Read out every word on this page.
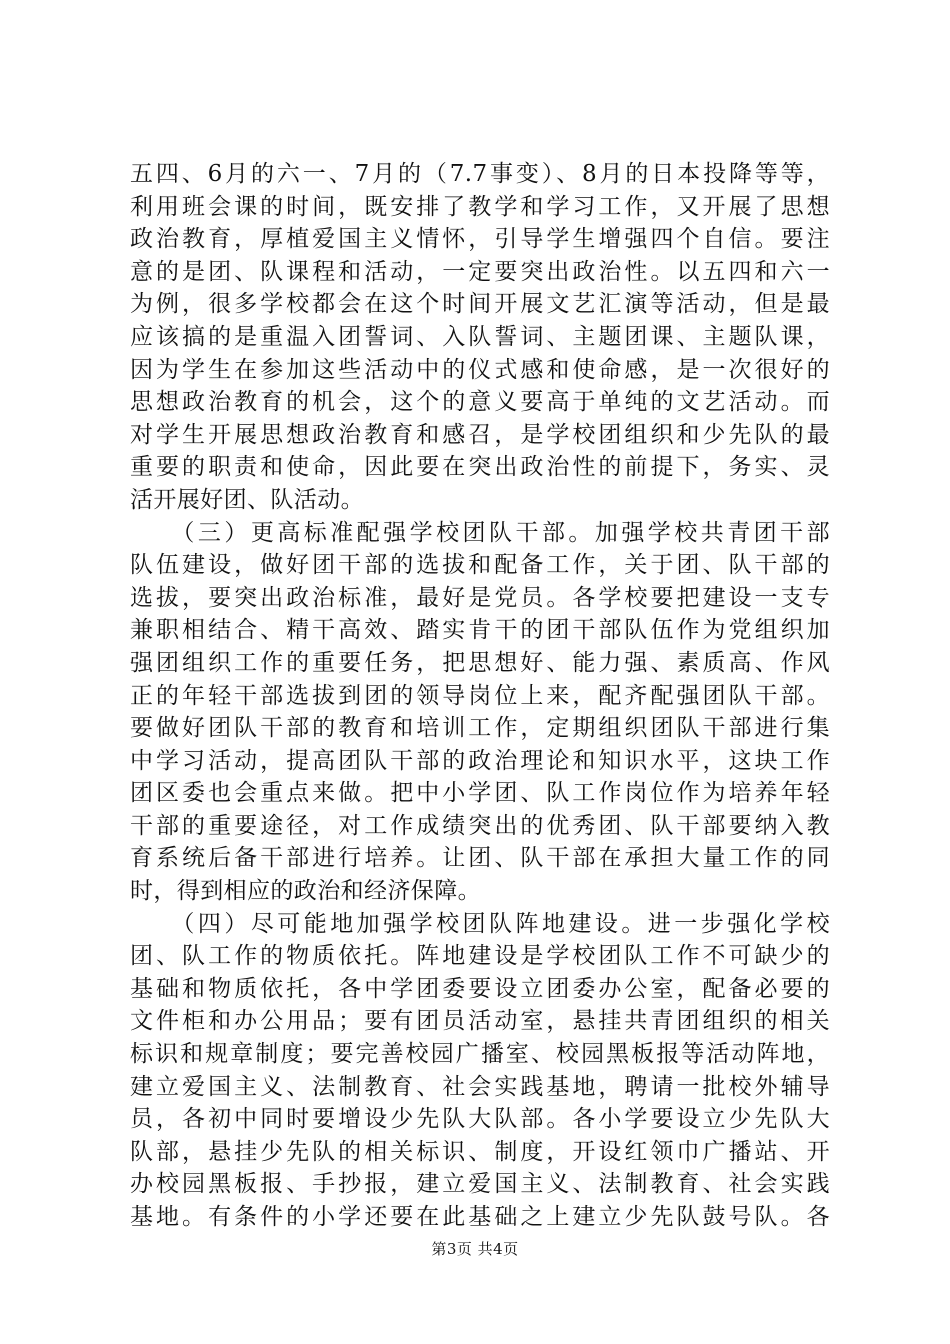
五四、6月的六一、7月的（7.7事变）、8月的日本投降等等，
利用班会课的时间，既安排了教学和学习工作，又开展了思想
政治教育，厚植爱国主义情怀，引导学生增强四个自信。要注
意的是团、队课程和活动，一定要突出政治性。以五四和六一
为例，很多学校都会在这个时间开展文艺汇演等活动，但是最
应该搞的是重温入团誓词、入队誓词、主题团课、主题队课，
因为学生在参加这些活动中的仪式感和使命感，是一次很好的
思想政治教育的机会，这个的意义要高于单纯的文艺活动。而
对学生开展思想政治教育和感召，是学校团组织和少先队的最
重要的职责和使命，因此要在突出政治性的前提下，务实、灵
活开展好团、队活动。
　　（三）更高标准配强学校团队干部。加强学校共青团干部
队伍建设，做好团干部的选拔和配备工作，关于团、队干部的
选拔，要突出政治标准，最好是党员。各学校要把建设一支专
兼职相结合、精干高效、踏实肯干的团干部队伍作为党组织加
强团组织工作的重要任务，把思想好、能力强、素质高、作风
正的年轻干部选拔到团的领导岗位上来，配齐配强团队干部。
要做好团队干部的教育和培训工作，定期组织团队干部进行集
中学习活动，提高团队干部的政治理论和知识水平，这块工作
团区委也会重点来做。把中小学团、队工作岗位作为培养年轻
干部的重要途径，对工作成绩突出的优秀团、队干部要纳入教
育系统后备干部进行培养。让团、队干部在承担大量工作的同
时，得到相应的政治和经济保障。
　　（四）尽可能地加强学校团队阵地建设。进一步强化学校
团、队工作的物质依托。阵地建设是学校团队工作不可缺少的
基础和物质依托，各中学团委要设立团委办公室，配备必要的
文件柜和办公用品；要有团员活动室，悬挂共青团组织的相关
标识和规章制度；要完善校园广播室、校园黑板报等活动阵地，
建立爱国主义、法制教育、社会实践基地，聘请一批校外辅导
员，各初中同时要增设少先队大队部。各小学要设立少先队大
队部，悬挂少先队的相关标识、制度，开设红领巾广播站、开
办校园黑板报、手抄报，建立爱国主义、法制教育、社会实践
基地。有条件的小学还要在此基础之上建立少先队鼓号队。各
第3页 共4页
